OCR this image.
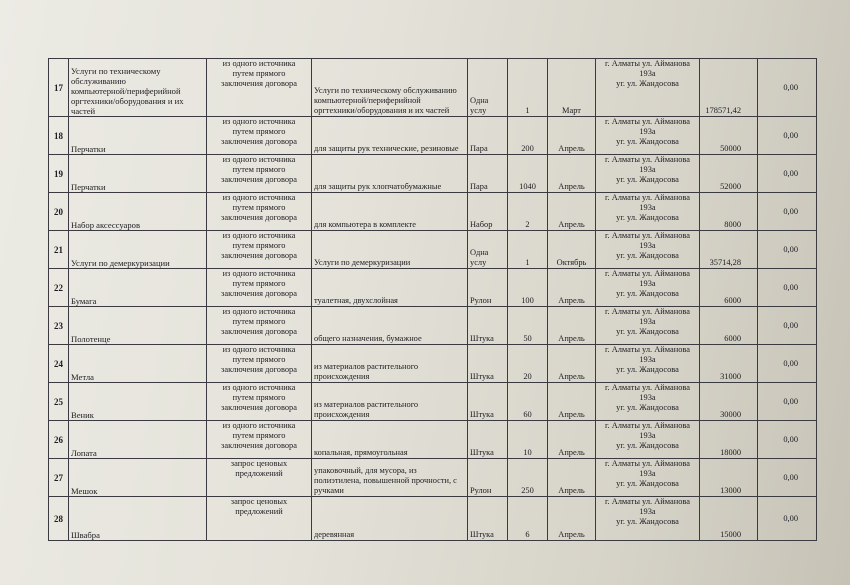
17	Услуги по техническому
обслуживанию
компьютерной/периферийной
оргтехники/оборудования и их
частей	из одного источника
путем прямого
заключения договора	Услуги по техническому обслуживанию
компьютерной/периферийной
оргтехники/оборудования и их частей	Одна услу	1	Март	г. Алматы ул. Айманова
193а
уг. ул. Жандосова	178571,42	0,00
18	Перчатки	из одного источника
путем прямого
заключения договора	для защиты рук технические, резиновые	Пара	200	Апрель	г. Алматы ул. Айманова
193а
уг. ул. Жандосова	50000	0,00
19	Перчатки	из одного источника
путем прямого
заключения договора	для защиты рук хлопчатобумажные	Пара	1040	Апрель	г. Алматы ул. Айманова
193а
уг. ул. Жандосова	52000	0,00
20	Набор аксессуаров	из одного источника
путем прямого
заключения договора	для компьютера в комплекте	Набор	2	Апрель	г. Алматы ул. Айманова
193а
уг. ул. Жандосова	8000	0,00
21	Услуги по демеркуризации	из одного источника
путем прямого
заключения договора	Услуги по демеркуризации	Одна услу	1	Октябрь	г. Алматы ул. Айманова
193а
уг. ул. Жандосова	35714,28	0,00
22	Бумага	из одного источника
путем прямого
заключения договора	туалетная, двухслойная	Рулон	100	Апрель	г. Алматы ул. Айманова
193а
уг. ул. Жандосова	6000	0,00
23	Полотенце	из одного источника
путем прямого
заключения договора	общего назначения, бумажное	Штука	50	Апрель	г. Алматы ул. Айманова
193а
уг. ул. Жандосова	6000	0,00
24	Метла	из одного источника
путем прямого
заключения договора	из материалов растительного
происхождения	Штука	20	Апрель	г. Алматы ул. Айманова
193а
уг. ул. Жандосова	31000	0,00
25	Веник	из одного источника
путем прямого
заключения договора	из материалов растительного
происхождения	Штука	60	Апрель	г. Алматы ул. Айманова
193а
уг. ул. Жандосова	30000	0,00
26	Лопата	из одного источника
путем прямого
заключения договора	копальная, прямоугольная	Штука	10	Апрель	г. Алматы ул. Айманова
193а
уг. ул. Жандосова	18000	0,00
27	Мешок	запрос ценовых
предложений	упаковочный, для мусора, из
полиэтилена, повышенной прочности, с
ручками	Рулон	250	Апрель	г. Алматы ул. Айманова
193а
уг. ул. Жандосова	13000	0,00
28	Швабра	запрос ценовых
предложений	деревянная	Штука	6	Апрель	г. Алматы ул. Айманова
193а
уг. ул. Жандосова	15000	0,00
